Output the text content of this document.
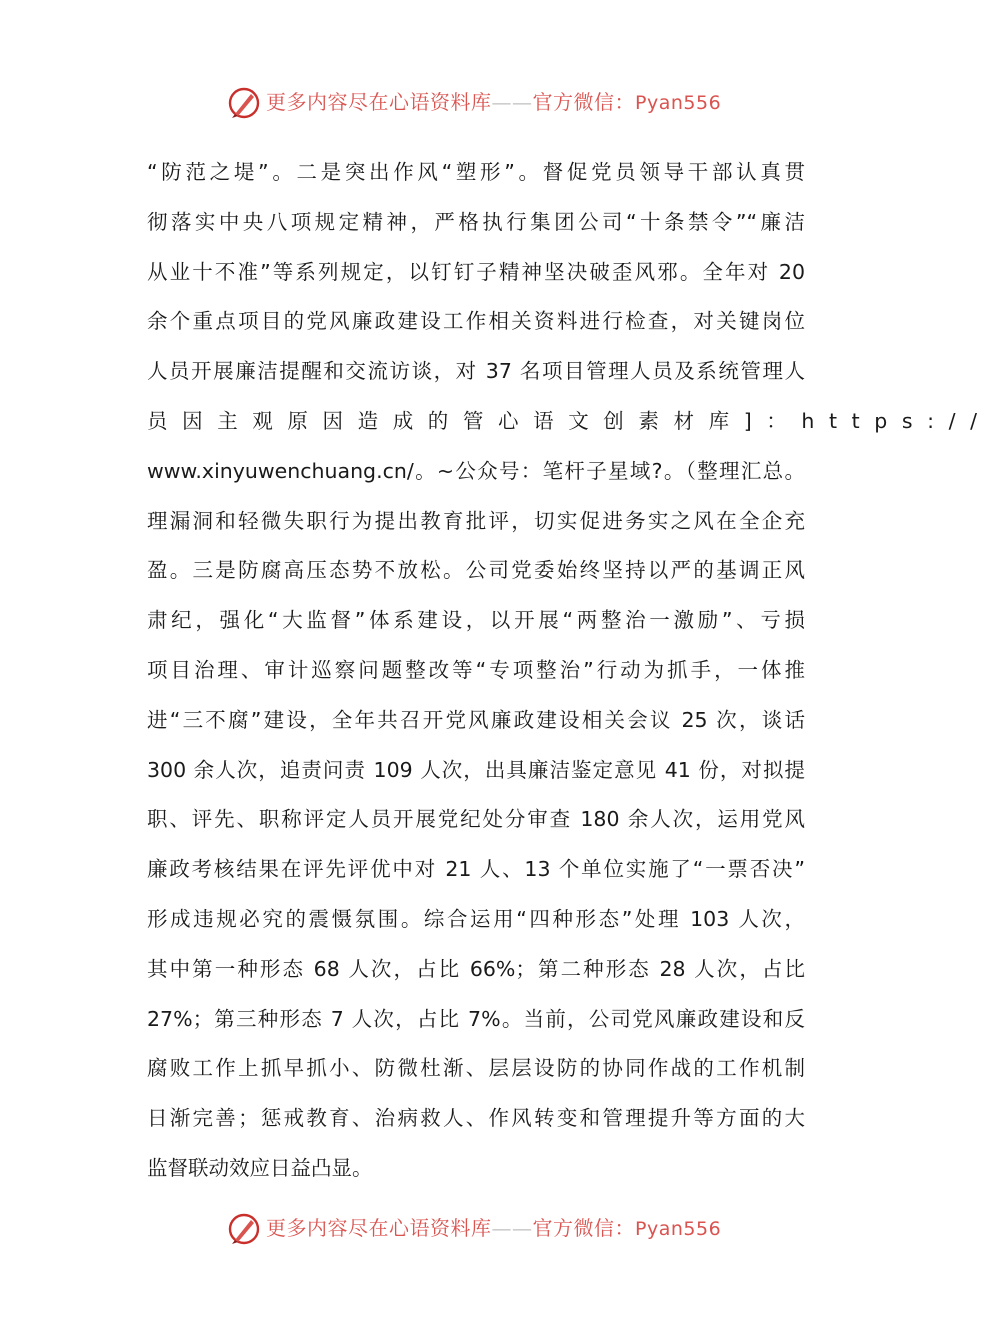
更多内容尽在心语资料库——官方微信：Pyan556
“防范之堤”。二是突出作风“塑形”。督促党员领导干部认真贯
彻落实中央八项规定精神，严格执行集团公司“十条禁令”“廉洁
从业十不准”等系列规定，以钉钉子精神坚决破歪风邪。全年对 20
余个重点项目的党风廉政建设工作相关资料进行检查，对关键岗位
人员开展廉洁提醒和交流访谈，对 37 名项目管理人员及系统管理人
员因主观原因造成的管心语文创素材库]：https://
www.xinyuwenchuang.cn/。~公众号：笔杆子星域?。（整理汇总。
理漏洞和轻微失职行为提出教育批评，切实促进务实之风在全企充
盈。三是防腐高压态势不放松。公司党委始终坚持以严的基调正风
肃纪，强化“大监督”体系建设，以开展“两整治一激励”、亏损
项目治理、审计巡察问题整改等“专项整治”行动为抓手，一体推
进“三不腐”建设，全年共召开党风廉政建设相关会议 25 次，谈话
300 余人次，追责问责 109 人次，出具廉洁鉴定意见 41 份，对拟提
职、评先、职称评定人员开展党纪处分审查 180 余人次，运用党风
廉政考核结果在评先评优中对 21 人、13 个单位实施了“一票否决”
形成违规必究的震慑氛围。综合运用“四种形态”处理 103 人次，
其中第一种形态 68 人次，占比 66%；第二种形态 28 人次，占比
27%；第三种形态 7 人次，占比 7%。当前，公司党风廉政建设和反
腐败工作上抓早抓小、防微杜渐、层层设防的协同作战的工作机制
日渐完善；惩戒教育、治病救人、作风转变和管理提升等方面的大
监督联动效应日益凸显。
更多内容尽在心语资料库——官方微信：Pyan556
